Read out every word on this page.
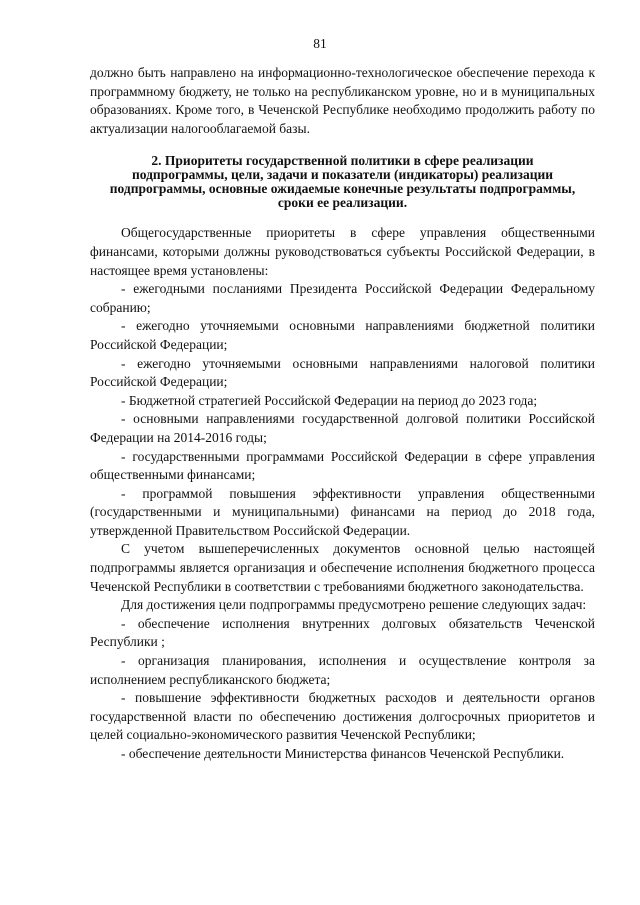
81

должно быть направлено на информационно-технологическое обеспечение перехода к программному бюджету, не только на республиканском уровне, но и в муниципальных образованиях. Кроме того, в Чеченской Республике необходимо продолжить работу по актуализации налогооблагаемой базы.

2. Приоритеты государственной политики в сфере реализации подпрограммы, цели, задачи и показатели (индикаторы) реализации подпрограммы, основные ожидаемые конечные результаты подпрограммы, сроки ее реализации.

Общегосударственные приоритеты в сфере управления общественными финансами, которыми должны руководствоваться субъекты Российской Федерации, в настоящее время установлены:

- ежегодными посланиями Президента Российской Федерации Федеральному собранию;

- ежегодно уточняемыми основными направлениями бюджетной политики Российской Федерации;

- ежегодно уточняемыми основными направлениями налоговой политики Российской Федерации;

- Бюджетной стратегией Российской Федерации на период до 2023 года;

- основными направлениями государственной долговой политики Российской Федерации на 2014-2016 годы;

- государственными программами Российской Федерации в сфере управления общественными финансами;

- программой повышения эффективности управления общественными (государственными и муниципальными) финансами на период до 2018 года, утвержденной Правительством Российской Федерации.

С учетом вышеперечисленных документов основной целью настоящей подпрограммы является организация и обеспечение исполнения бюджетного процесса Чеченской Республики в соответствии с требованиями бюджетного законодательства.

Для достижения цели подпрограммы предусмотрено решение следующих задач:

- обеспечение исполнения внутренних долговых обязательств Чеченской Республики ;

- организация планирования, исполнения и осуществление контроля за исполнением республиканского бюджета;

- повышение эффективности бюджетных расходов и деятельности органов государственной власти по обеспечению достижения долгосрочных приоритетов и целей социально-экономического развития Чеченской Республики;

- обеспечение деятельности Министерства финансов Чеченской Республики.
